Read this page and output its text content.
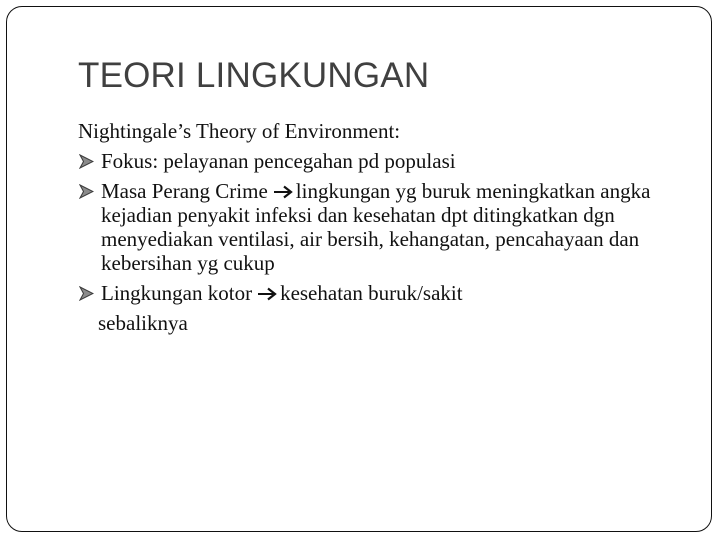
TEORI LINGKUNGAN
Nightingale’s Theory of Environment:
Fokus: pelayanan pencegahan pd populasi
Masa Perang Crime lingkungan yg buruk meningkatkan angka kejadian penyakit infeksi dan kesehatan dpt ditingkatkan dgn menyediakan ventilasi, air bersih, kehangatan, pencahayaan dan kebersihan yg cukup
Lingkungan kotor kesehatan buruk/sakit
sebaliknya
